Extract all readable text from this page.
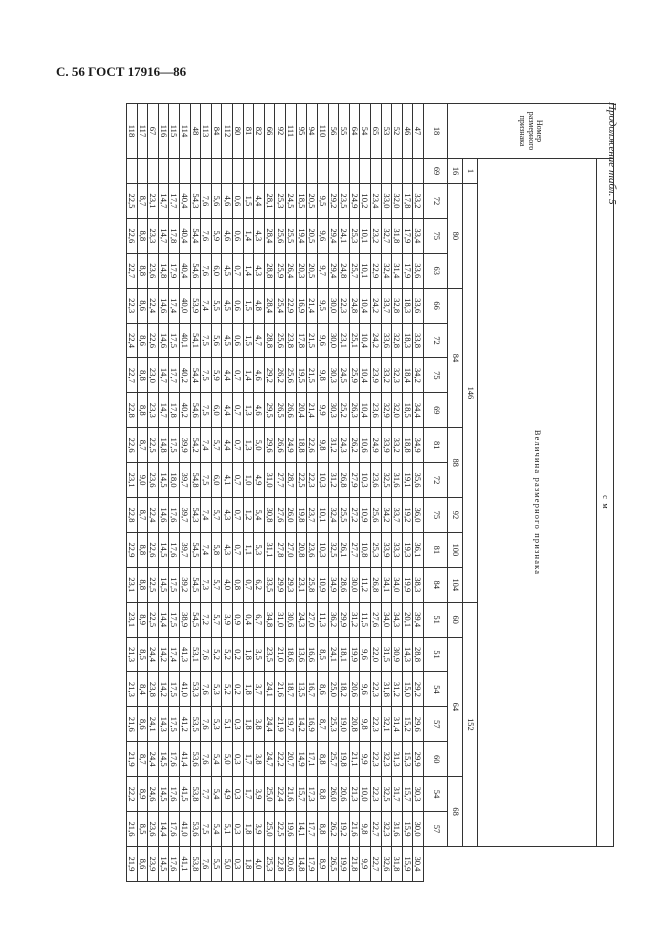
С. 56 ГОСТ 17916—86
Продолжение табл. 5
Номер размерного признака	с м																				
	Величина размерного признака																				
	1	146												152							
	16	80			84				88		92	100	104	60	64				68		
18	69	72	75	63	66	72	75	69	81	72	75	81	84	51	51	54	57	60	54	57	
47		33,2	33,4	33,6	33,6	33,8	34,2	34,4	34,9	35,6	36,0	36,1	38,3	39,4	28,8	29,2	29,6	29,9	30,3	30,0	30,4
46		17,8	17,9	17,9	18,3	18,3	18,4	18,5	18,8	19,1	19,2	19,3	19,9	20,1	14,3	15,0	15,2	15,3	15,7	15,9	15,9
52		32,0	31,8	31,4	32,8	32,8	32,3	32,0	33,2	31,6	33,7	33,3	34,0	34,3	30,9	31,2	31,4	31,3	31,7	31,6	31,8
53		33,0	32,7	32,4	33,7	33,6	33,2	32,9	33,9	32,5	34,2	33,9	34,1	34,0	31,5	31,8	32,1	32,3	32,5	32,3	32,6
65		23,4	23,2	22,9	24,2	24,2	23,9	23,6	24,9	23,6	25,6	25,3	26,8	27,6	22,0	22,3	22,3	22,3	22,3	22,7	22,7
54		10,2	10,1	10,1	10,4	10,4	10,4	10,4	10,6	10,3	10,9	10,8	11,2	11,5	9,6	9,6	9,8	9,9	10,0	9,8	9,9
64		24,9	25,3	25,7	24,8	25,1	25,9	26,3	26,2	27,9	27,2	27,7	30,0	31,2	19,9	20,6	20,8	21,1	21,3	21,6	21,8
55		23,5	24,1	24,8	22,3	23,1	24,5	25,2	24,3	26,8	25,5	26,1	28,6	29,9	18,1	18,2	19,0	19,8	20,6	19,2	19,9
56		29,2	29,4	29,4	30,0	30,0	30,3	30,3	31,2	31,2	32,4	32,5	34,9	36,2	24,1	25,0	25,3	25,7	26,0	26,2	26,5
110		9,5	9,6	9,7	9,5	9,6	9,8	9,9	9,8	10,3	10,1	10,3	10,9	11,3	8,5	8,6	8,7	8,8	8,8	8,8	8,9
94		20,5	20,5	20,5	21,4	21,5	21,5	21,4	22,6	22,3	23,7	23,6	25,8	27,0	16,6	16,7	16,9	17,1	17,3	17,7	17,9
95		18,5	19,4	20,3	16,9	17,8	19,5	20,4	18,8	22,5	19,8	20,8	23,1	24,3	13,6	13,5	14,2	14,9	15,7	14,1	14,8
111		24,5	25,5	26,4	22,9	23,8	25,6	26,6	24,9	28,7	26,0	27,0	29,3	30,6	18,6	18,7	19,7	20,7	21,6	19,6	20,6
92		25,3	25,6	25,9	25,4	25,6	26,2	26,5	26,6	27,7	27,6	27,8	29,9	31,0	21,0	21,6	21,9	22,2	22,4	22,5	22,8
66		28,1	28,4	28,8	28,4	28,8	29,2	29,5	29,6	31,0	30,8	31,1	33,5	34,8	23,5	24,1	24,4	24,7	25,0	25,0	25,3
82		4,4	4,3	4,3	4,8	4,7	4,6	4,6	5,0	4,9	5,4	5,3	6,2	6,7	3,5	3,7	3,8	3,8	3,9	3,9	4,0
81		1,5	1,4	1,4	1,5	1,5	1,4	1,3	1,3	1,0	1,2	1,1	0,7	0,4	1,8	1,8	1,8	1,7	1,7	1,8	1,8
80		0,6	0,6	0,7	0,6	0,6	0,7	0,7	0,7	0,7	0,7	0,7	0,8	0,9	0,2	0,2	0,3	0,3	0,3	0,3	0,3
112		4,6	4,6	4,5	4,5	4,5	4,4	4,4	4,4	4,1	4,3	4,3	4,0	3,9	5,2	5,2	5,1	5,0	4,9	5,1	5,0
84		5,6	5,9	6,0	5,5	5,6	5,9	6,0	5,7	6,0	5,7	5,8	5,7	5,7	5,2	5,3	5,3	5,4	5,4	5,4	5,5
113		7,6	7,6	7,6	7,4	7,5	7,5	7,5	7,4	7,5	7,4	7,4	7,3	7,2	7,6	7,6	7,6	7,6	7,7	7,5	7,6
48		54,3	54,4	54,6	53,9	54,1	54,4	54,6	54,2	54,8	54,3	54,5	54,5	54,5	53,1	53,3	53,5	53,6	53,8	53,6	53,8
114		40,4	40,4	40,4	40,0	40,1	40,2	40,2	39,9	39,7	39,7	39,7	39,2	38,9	41,3	41,0	41,2	41,4	41,5	41,0	41,1
115		17,7	17,8	17,9	17,4	17,5	17,7	17,8	17,5	18,0	17,6	17,6	17,5	17,5	17,4	17,5	17,5	17,6	17,6	17,6	17,6
116		14,7	14,7	14,8	14,6	14,6	14,7	14,7	14,8	14,5	14,6	14,5	14,5	14,4	14,2	14,2	14,3	14,5	14,5	14,4	14,5
67		23,1	23,3	23,6	22,4	22,6	23,0	23,3	22,5	23,6	22,4	22,6	22,5	22,5	24,4	23,8	24,1	24,4	24,6	23,6	23,9
117		8,7	8,8	8,8	8,6	8,6	8,8	8,8	8,7	9,0	8,7	8,8	8,8	8,9	8,5	8,4	8,6	8,7	8,9	8,5	8,6
118		22,5	22,6	22,7	22,3	22,4	22,7	22,8	22,6	23,1	22,8	22,9	23,1	23,1	21,3	21,3	21,6	21,9	22,2	21,6	21,9
